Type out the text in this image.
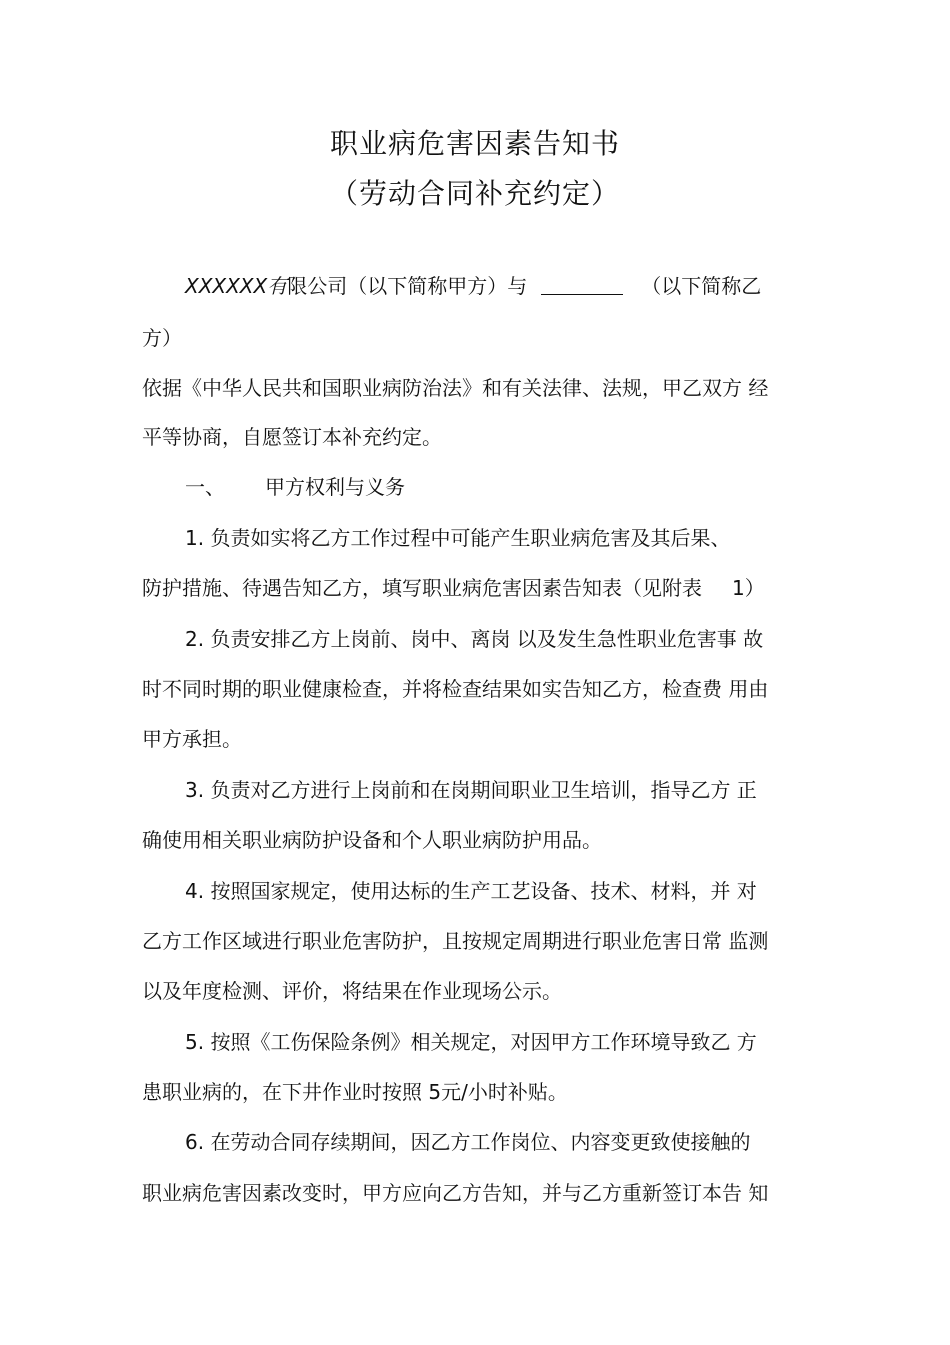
职业病危害因素告知书
（劳动合同补充约定）
XXXXXX有限公司（以下简称甲方）与	（以下简称乙
方）
依据《中华人民共和国职业病防治法》和有关法律、法规，甲乙双方 经
平等协商，自愿签订本补充约定。
一、 甲方权利与义务
1. 负责如实将乙方工作过程中可能产生职业病危害及其后果、
防护措施、待遇告知乙方，填写职业病危害因素告知表（见附表 1）
2. 负责安排乙方上岗前、岗中、离岗 以及发生急性职业危害事 故
时不同时期的职业健康检查，并将检查结果如实告知乙方，检查费 用由
甲方承担。
3. 负责对乙方进行上岗前和在岗期间职业卫生培训，指导乙方 正
确使用相关职业病防护设备和个人职业病防护用品。
4. 按照国家规定，使用达标的生产工艺设备、技术、材料，并 对
乙方工作区域进行职业危害防护，且按规定周期进行职业危害日常 监测
以及年度检测、评价，将结果在作业现场公示。
5. 按照《工伤保险条例》相关规定，对因甲方工作环境导致乙 方
患职业病的，在下井作业时按照 5元/小时补贴。
6. 在劳动合同存续期间，因乙方工作岗位、内容变更致使接触的
职业病危害因素改变时，甲方应向乙方告知，并与乙方重新签订本告 知
